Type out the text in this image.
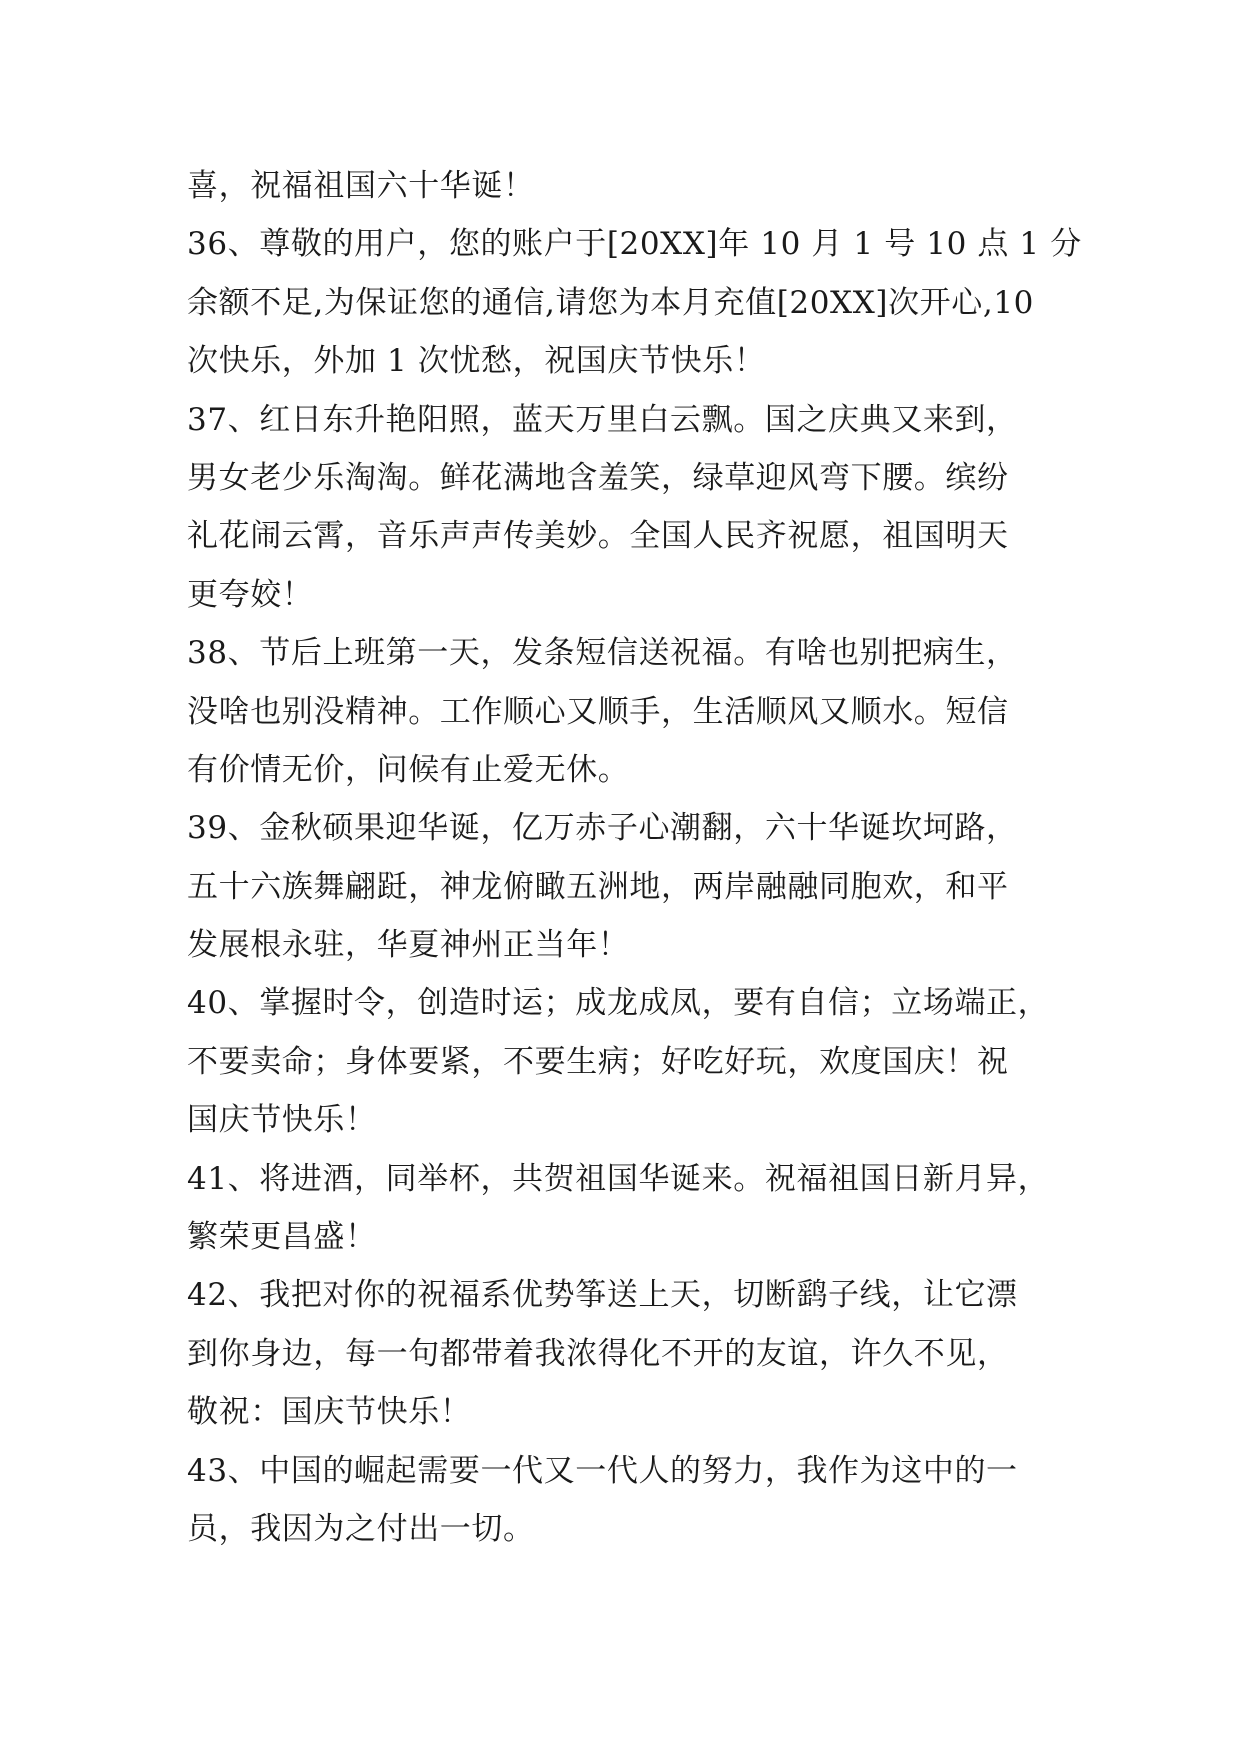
喜，祝福祖国六十华诞！
36、尊敬的用户，您的账户于[20XX]年 10 月 1 号 10 点 1 分
余额不足,为保证您的通信,请您为本月充值[20XX]次开心,10
次快乐，外加 1 次忧愁，祝国庆节快乐！
37、红日东升艳阳照，蓝天万里白云飘。国之庆典又来到，
男女老少乐淘淘。鲜花满地含羞笑，绿草迎风弯下腰。缤纷
礼花闹云霄，音乐声声传美妙。全国人民齐祝愿，祖国明天
更夸姣！
38、节后上班第一天，发条短信送祝福。有啥也别把病生，
没啥也别没精神。工作顺心又顺手，生活顺风又顺水。短信
有价情无价，问候有止爱无休。
39、金秋硕果迎华诞，亿万赤子心潮翻，六十华诞坎坷路，
五十六族舞翩跹，神龙俯瞰五洲地，两岸融融同胞欢，和平
发展根永驻，华夏神州正当年！
40、掌握时令，创造时运；成龙成凤，要有自信；立场端正，
不要卖命；身体要紧，不要生病；好吃好玩，欢度国庆！祝
国庆节快乐！
41、将进酒，同举杯，共贺祖国华诞来。祝福祖国日新月异，
繁荣更昌盛！
42、我把对你的祝福系优势筝送上天，切断鹞子线，让它漂
到你身边，每一句都带着我浓得化不开的友谊，许久不见，
敬祝：国庆节快乐！
43、中国的崛起需要一代又一代人的努力，我作为这中的一
员，我因为之付出一切。
